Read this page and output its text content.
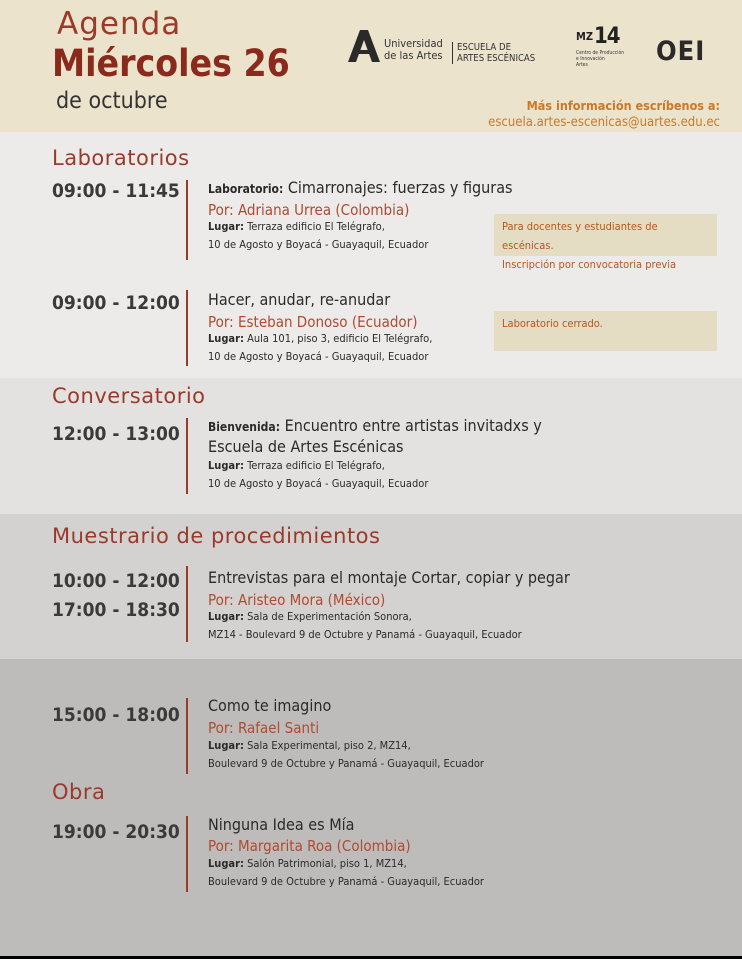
Agenda
Miércoles 26
de octubre
Universidad
de las Artes
ESCUELA DE
ARTES ESCÉNICAS
MZ 14
Centro de Producción
e Innovación
Artes	OEI
Más información escríbenos a:
escuela.artes-escenicas@uartes.edu.ec
Laboratorios
09:00 - 11:45 Laboratorio: Cimarronajes: fuerzas y figuras
Por: Adriana Urrea (Colombia)
Lugar: Terraza edificio El Telégrafo,
10 de Agosto y Boyacá - Guayaquil, Ecuador
Para docentes y estudiantes de escénicas.
Inscripción por convocatoria previa
09:00 - 12:00 Hacer, anudar, re-anudar
Por: Esteban Donoso (Ecuador)
Lugar: Aula 101, piso 3, edificio El Telégrafo,
10 de Agosto y Boyacá - Guayaquil, Ecuador
Laboratorio cerrado.
Conversatorio
12:00 - 13:00 Bienvenida: Encuentro entre artistas invitadxs y
Escuela de Artes Escénicas
Lugar: Terraza edificio El Telégrafo,
10 de Agosto y Boyacá - Guayaquil, Ecuador
Muestrario de procedimientos
10:00 - 12:00
17:00 - 18:30
Entrevistas para el montaje Cortar, copiar y pegar
Por: Aristeo Mora (México)
Lugar: Sala de Experimentación Sonora,
MZ14 - Boulevard 9 de Octubre y Panamá - Guayaquil, Ecuador
15:00 - 18:00 Como te imagino
Por: Rafael Santi
Lugar: Sala Experimental, piso 2, MZ14,
Boulevard 9 de Octubre y Panamá - Guayaquil, Ecuador
Obra
19:00 - 20:30 Ninguna Idea es Mía
Por: Margarita Roa (Colombia)
Lugar: Salón Patrimonial, piso 1, MZ14,
Boulevard 9 de Octubre y Panamá - Guayaquil, Ecuador
